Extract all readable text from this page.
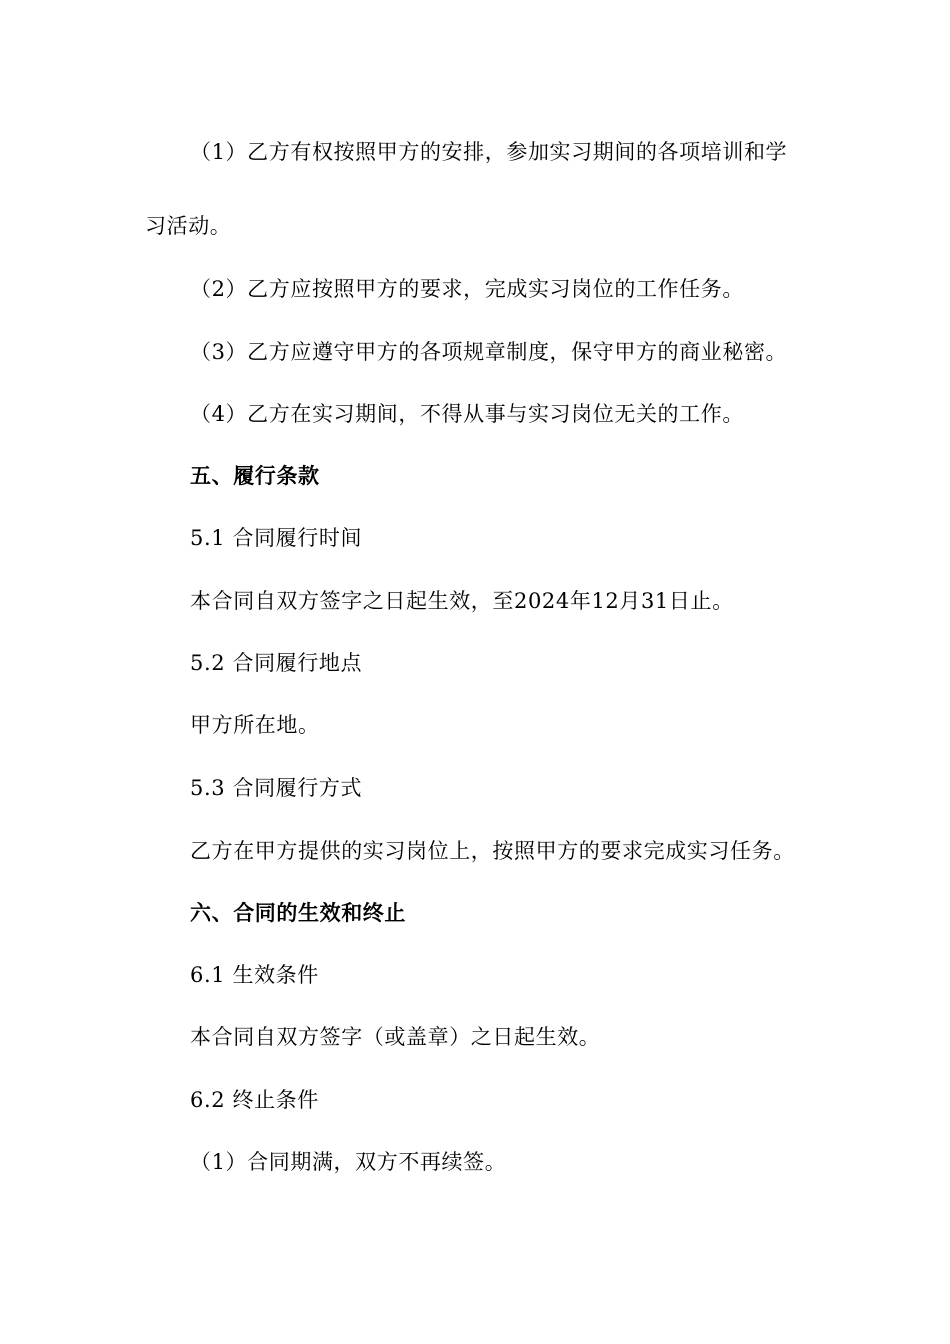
（1）乙方有权按照甲方的安排，参加实习期间的各项培训和学
习活动。
（2）乙方应按照甲方的要求，完成实习岗位的工作任务。
（3）乙方应遵守甲方的各项规章制度，保守甲方的商业秘密。
（4）乙方在实习期间，不得从事与实习岗位无关的工作。
五、履行条款
5.1 合同履行时间
本合同自双方签字之日起生效，至2024年12月31日止。
5.2 合同履行地点
甲方所在地。
5.3 合同履行方式
乙方在甲方提供的实习岗位上，按照甲方的要求完成实习任务。
六、合同的生效和终止
6.1 生效条件
本合同自双方签字（或盖章）之日起生效。
6.2 终止条件
（1）合同期满，双方不再续签。
